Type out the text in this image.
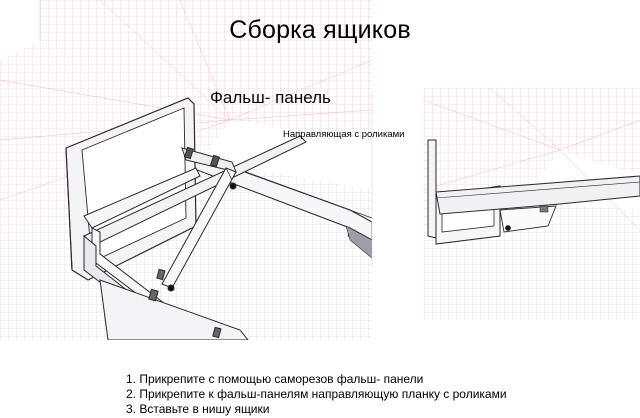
Сборка ящиков
Фальш- панель
Направляющая с роликами
1. Прикрепите с помощью саморезов фальш- панели
2. Прикрепите к фальш-панелям направляющую планку с роликами
3. Вставьте в нишу ящики
